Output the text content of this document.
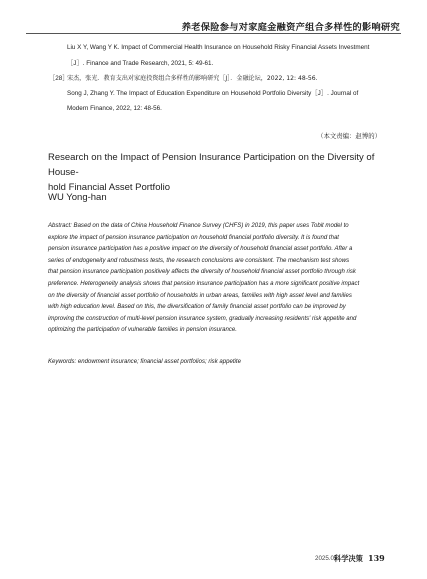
养老保险参与对家庭金融资产组合多样性的影响研究
Liu X Y, Wang Y K. Impact of Commercial Health Insurance on Household Risky Financial Assets Investment
［J］. Finance and Trade Research, 2021, 5: 49-61.
［28］
宋杰，张光．教育支出对家庭投资组合多样性的影响研究［J］．金融论坛，2022, 12: 48-56.
Song J, Zhang Y. The Impact of Education Expenditure on Household Portfolio Diversity［J］. Journal of
Modern Finance, 2022, 12: 48-56.
（本文责编：赵博的）
Research on the Impact of Pension Insurance Participation on the Diversity of House-
hold Financial Asset Portfolio
WU Yong-han
Abstract: Based on the data of China Household Finance Survey (CHFS) in 2019, this paper uses Tobit model to
explore the impact of pension insurance participation on household financial portfolio diversity. It is found that
pension insurance participation has a positive impact on the diversity of household financial asset portfolio. After a
series of endogeneity and robustness tests, the research conclusions are consistent. The mechanism test shows
that pension insurance participation positively affects the diversity of household financial asset portfolio through risk
preference. Heterogeneity analysis shows that pension insurance participation has a more significant positive impact
on the diversity of financial asset portfolio of households in urban areas, families with high asset level and families
with high education level. Based on this, the diversification of family financial asset portfolio can be improved by
improving the construction of multi-level pension insurance system, gradually increasing residents' risk appetite and
optimizing the participation of vulnerable families in pension insurance.
Keywords: endowment insurance; financial asset portfolios; risk appetite
2025.05
科学决策 139
